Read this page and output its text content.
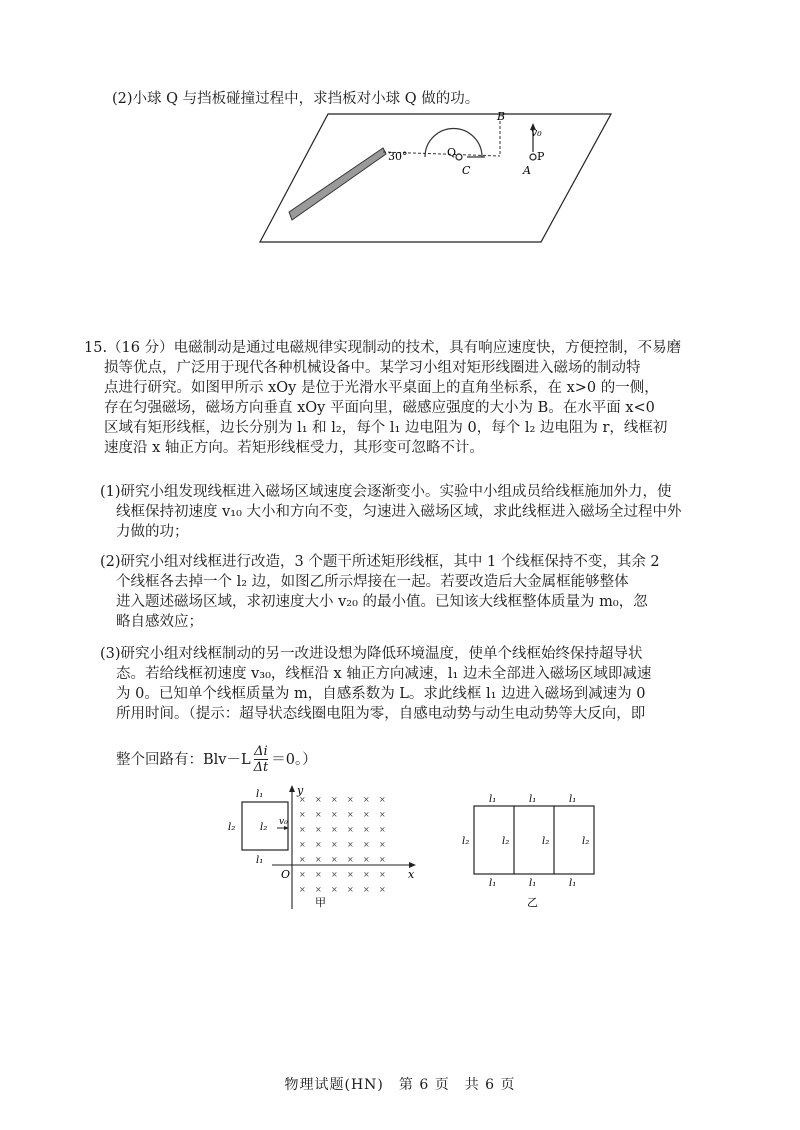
(2)小球 Q 与挡板碰撞过程中，求挡板对小球 Q 做的功。
30°
B
v₀
Q	P
C	A

15.（16 分）电磁制动是通过电磁规律实现制动的技术，具有响应速度快，方便控制，不易磨

损等优点，广泛用于现代各种机械设备中。某学习小组对矩形线圈进入磁场的制动特

点进行研究。如图甲所示 xOy 是位于光滑水平桌面上的直角坐标系，在 x>0 的一侧，

存在匀强磁场，磁场方向垂直 xOy 平面向里，磁感应强度的大小为 B。在水平面 x<0

区域有矩形线框，边长分别为 l₁ 和 l₂，每个 l₁ 边电阻为 0，每个 l₂ 边电阻为 r，线框初

速度沿 x 轴正方向。若矩形线框受力，其形变可忽略不计。

(1)研究小组发现线框进入磁场区域速度会逐渐变小。实验中小组成员给线框施加外力，使

线框保持初速度 v₁₀ 大小和方向不变，匀速进入磁场区域，求此线框进入磁场全过程中外

力做的功；

(2)研究小组对线框进行改造，3 个题干所述矩形线框，其中 1 个线框保持不变，其余 2

个线框各去掉一个 l₂ 边，如图乙所示焊接在一起。若要改造后大金属框能够整体

进入题述磁场区域，求初速度大小 v₂₀ 的最小值。已知该大线框整体质量为 m₀，忽

略自感效应；

(3)研究小组对线框制动的另一改进设想为降低环境温度，使单个线框始终保持超导状

态。若给线框初速度 v₃₀，线框沿 x 轴正方向减速，l₁ 边未全部进入磁场区域即减速

为 0。已知单个线框质量为 m，自感系数为 L。求此线框 l₁ 边进入磁场到减速为 0

所用时间。（提示：超导状态线圈电阻为零，自感电动势与动生电动势等大反向，即

整个回路有：$Blv-L \frac{\Delta i}{\Delta t} =0$。）
y
x
O
l₁
l₁
l₂ l₂ v₀
× × × × × ×
× × × × × ×
× × × × × ×
× × × × × ×
× × × × × ×
× × × × × ×
× × × × × ×
甲
l₁	l₁	l₁
l₁	l₁	l₁
l₂	l₂	l₂	l₂
乙
物理试题(HN)　第 6 页　共 6 页
